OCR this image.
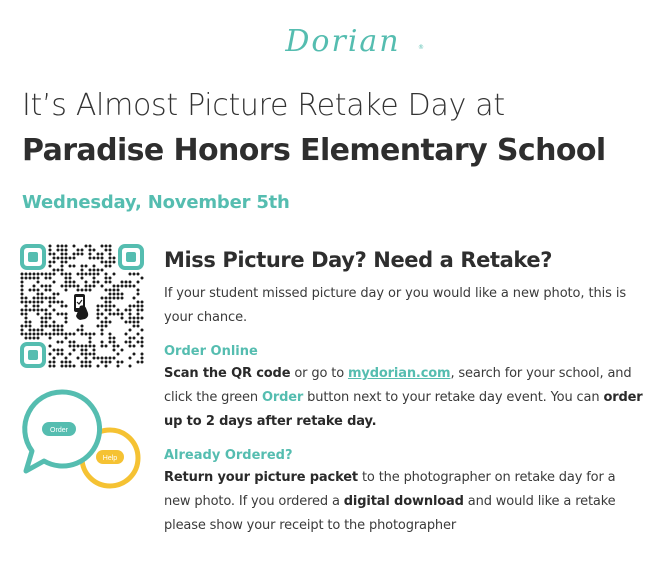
Dorian	®
It’s Almost Picture Retake Day at
Paradise Honors Elementary School
Wednesday, November 5th
Order
Help
Miss Picture Day? Need a Retake?
If your student missed picture day or you would like a new photo, this is your chance.
Order Online
Scan the QR code or go to mydorian.com, search for your school, and click the green Order button next to your retake day event. You can order up to 2 days after retake day.
Already Ordered?
Return your picture packet to the photographer on retake day for a new photo. If you ordered a digital download and would like a retake please show your receipt to the photographer
